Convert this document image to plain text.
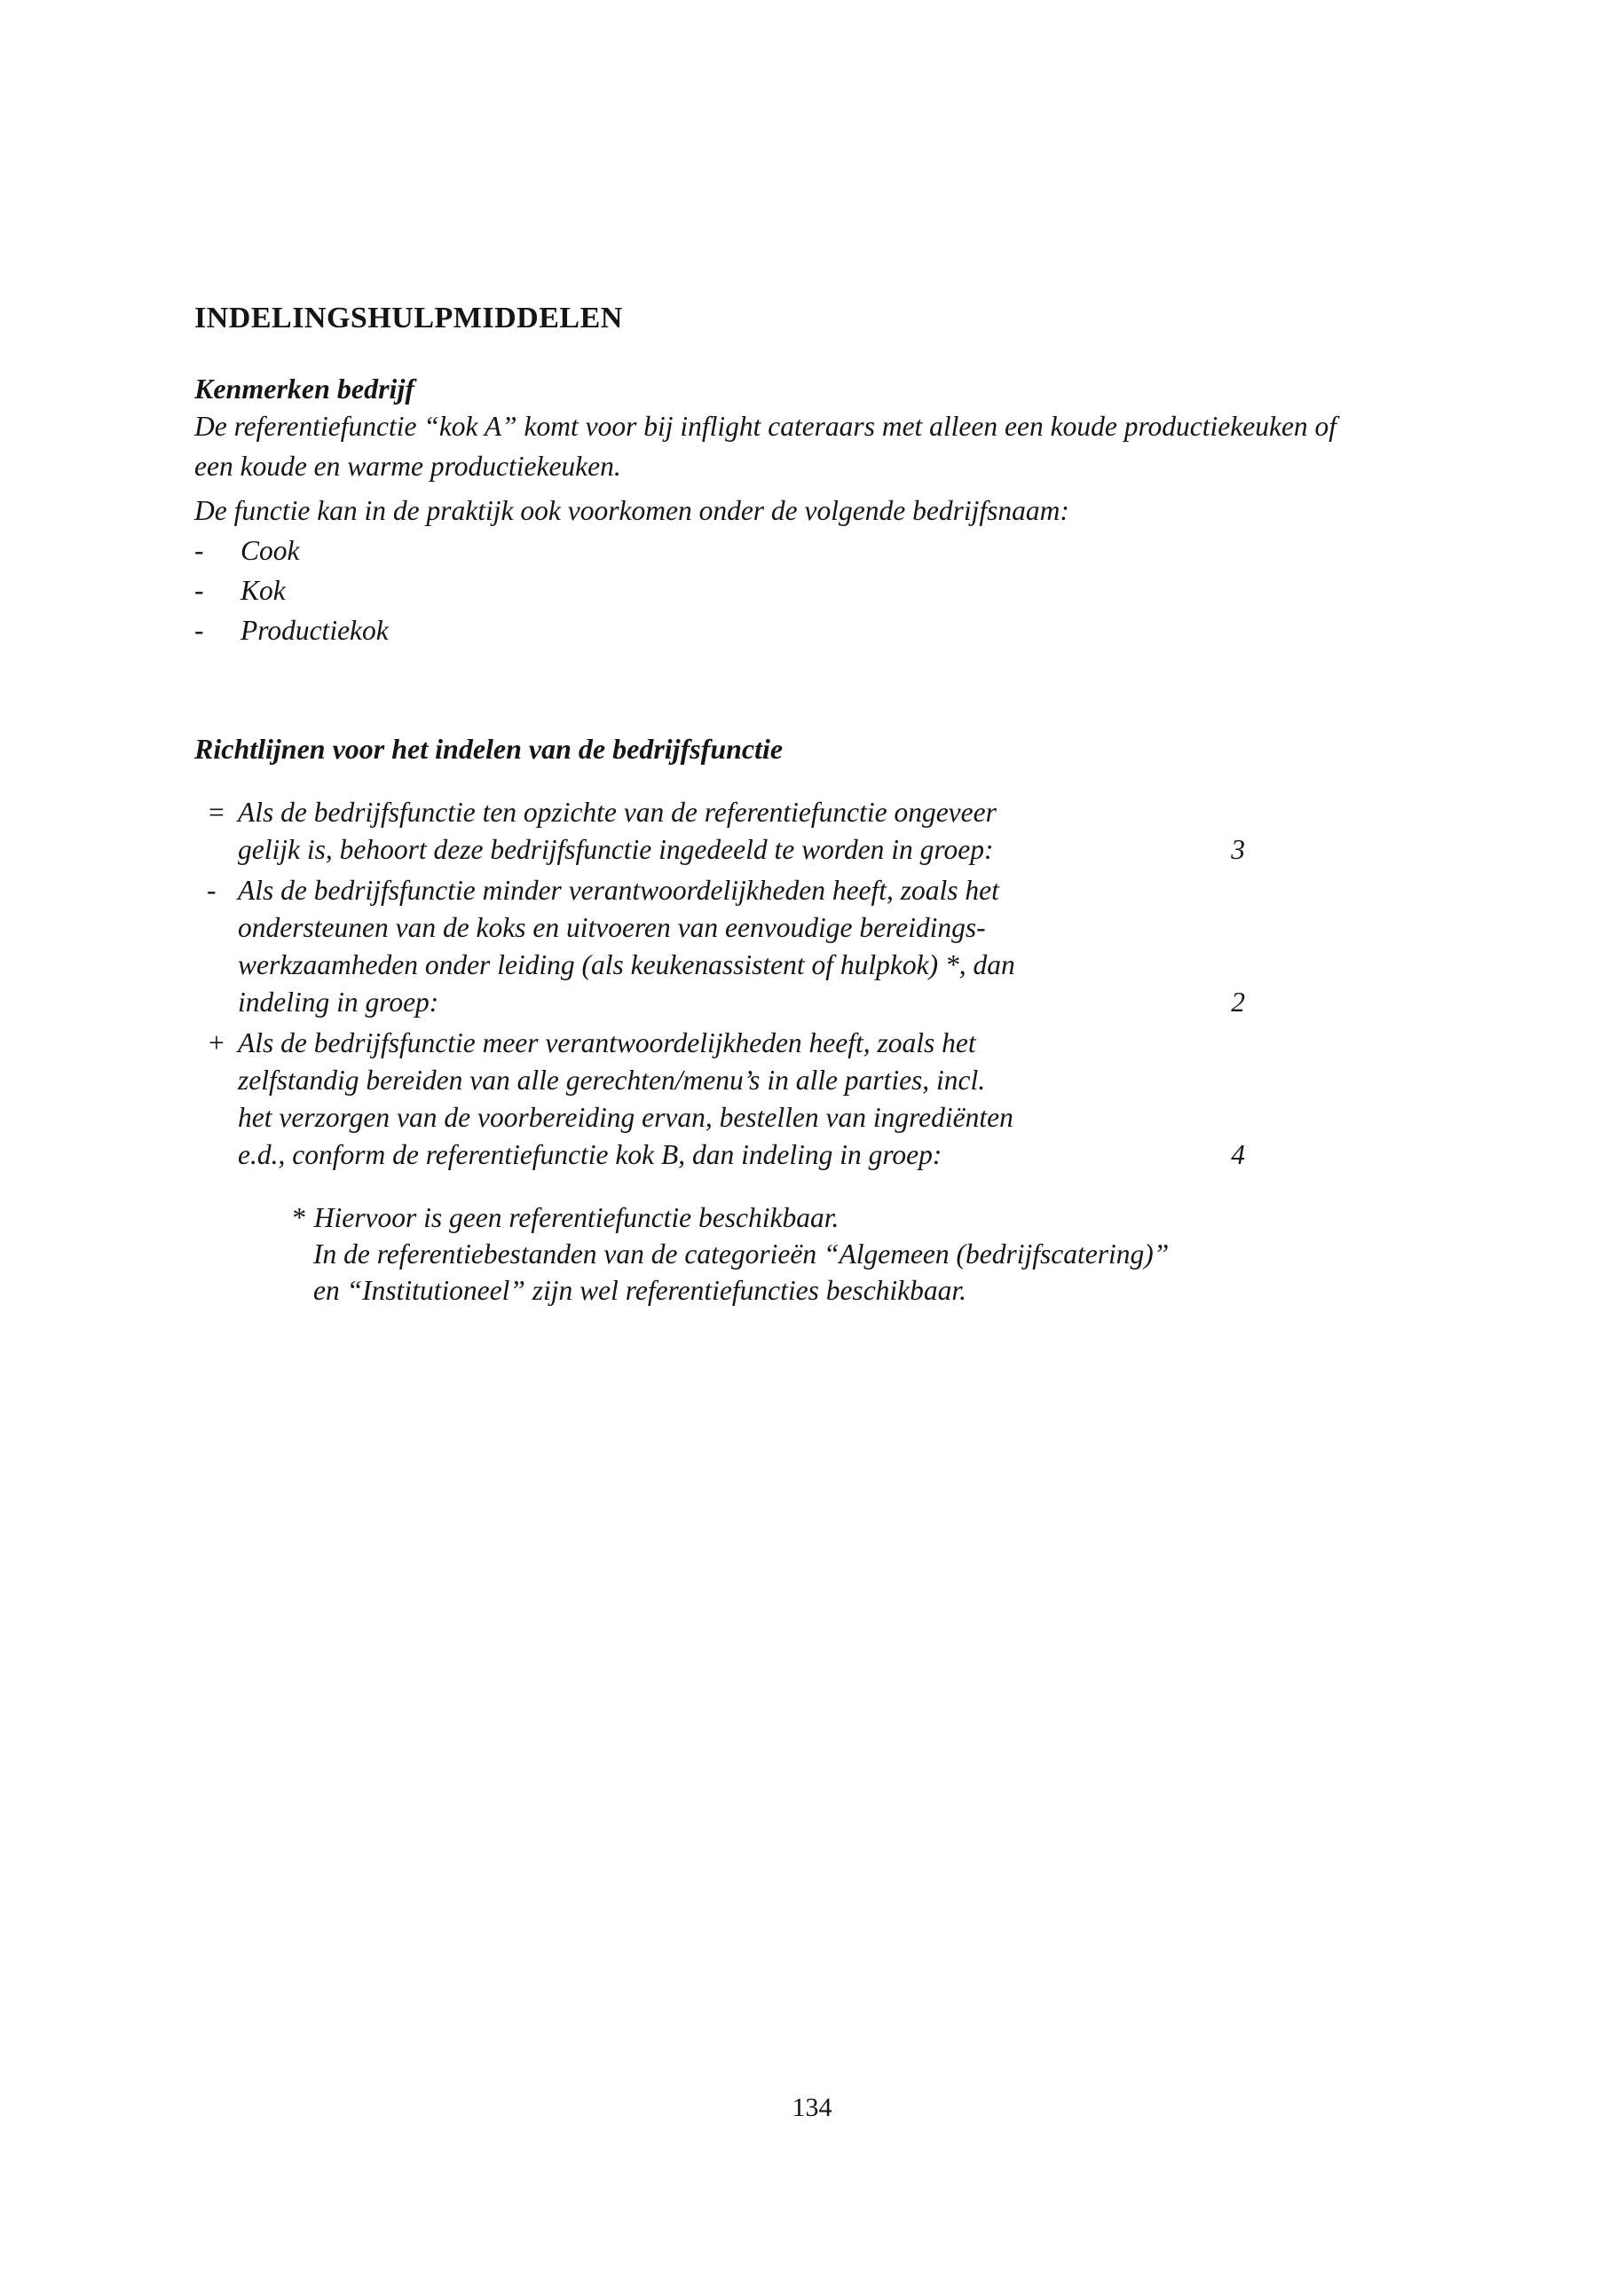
INDELINGSHULPMIDDELEN
Kenmerken bedrijf
De referentiefunctie “kok A” komt voor bij inflight cateraars met alleen een koude productiekeuken of
een koude en warme productiekeuken.
De functie kan in de praktijk ook voorkomen onder de volgende bedrijfsnaam:
-	Cook
-	Kok
-	Productiekok
Richtlijnen voor het indelen van de bedrijfsfunctie
= Als de bedrijfsfunctie ten opzichte van de referentiefunctie ongeveer
gelijk is, behoort deze bedrijfsfunctie ingedeeld te worden in groep:	3
- Als de bedrijfsfunctie minder verantwoordelijkheden heeft, zoals het
ondersteunen van de koks en uitvoeren van eenvoudige bereidings-
werkzaamheden onder leiding (als keukenassistent of hulpkok) *, dan
indeling in groep:	2
+ Als de bedrijfsfunctie meer verantwoordelijkheden heeft, zoals het
zelfstandig bereiden van alle gerechten/menu’s in alle parties, incl.
het verzorgen van de voorbereiding ervan, bestellen van ingrediënten
e.d., conform de referentiefunctie kok B, dan indeling in groep:	4
* Hiervoor is geen referentiefunctie beschikbaar.
In de referentiebestanden van de categorieën “Algemeen (bedrijfscatering)”
en “Institutioneel” zijn wel referentiefuncties beschikbaar.
134
